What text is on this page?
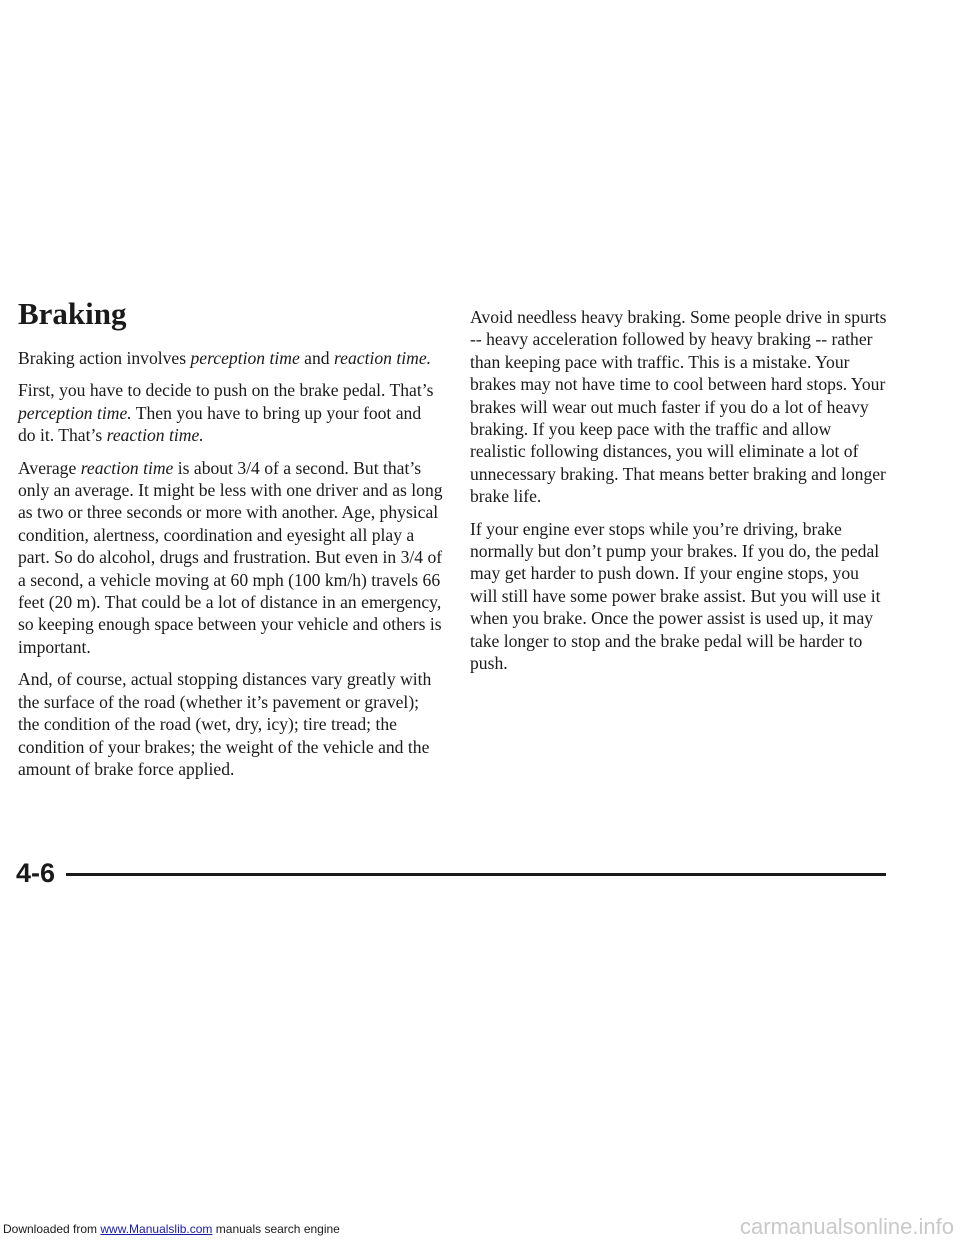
Braking

Braking action involves perception time and reaction time.

First, you have to decide to push on the brake pedal. That’s perception time. Then you have to bring up your foot and do it. That’s reaction time.

Average reaction time is about 3/4 of a second. But that’s only an average. It might be less with one driver and as long as two or three seconds or more with another. Age, physical condition, alertness, coordination and eyesight all play a part. So do alcohol, drugs and frustration. But even in 3/4 of a second, a vehicle moving at 60 mph (100 km/h) travels 66 feet (20 m). That could be a lot of distance in an emergency, so keeping enough space between your vehicle and others is important.

And, of course, actual stopping distances vary greatly with the surface of the road (whether it’s pavement or gravel); the condition of the road (wet, dry, icy); tire tread; the condition of your brakes; the weight of the vehicle and the amount of brake force applied.

Avoid needless heavy braking. Some people drive in spurts -- heavy acceleration followed by heavy braking -- rather than keeping pace with traffic. This is a mistake. Your brakes may not have time to cool between hard stops. Your brakes will wear out much faster if you do a lot of heavy braking. If you keep pace with the traffic and allow realistic following distances, you will eliminate a lot of unnecessary braking. That means better braking and longer brake life.

If your engine ever stops while you’re driving, brake normally but don’t pump your brakes. If you do, the pedal may get harder to push down. If your engine stops, you will still have some power brake assist. But you will use it when you brake. Once the power assist is used up, it may take longer to stop and the brake pedal will be harder to push.

4-6
Downloaded from www.Manualslib.com manuals search engine	carmanualsonline.info
